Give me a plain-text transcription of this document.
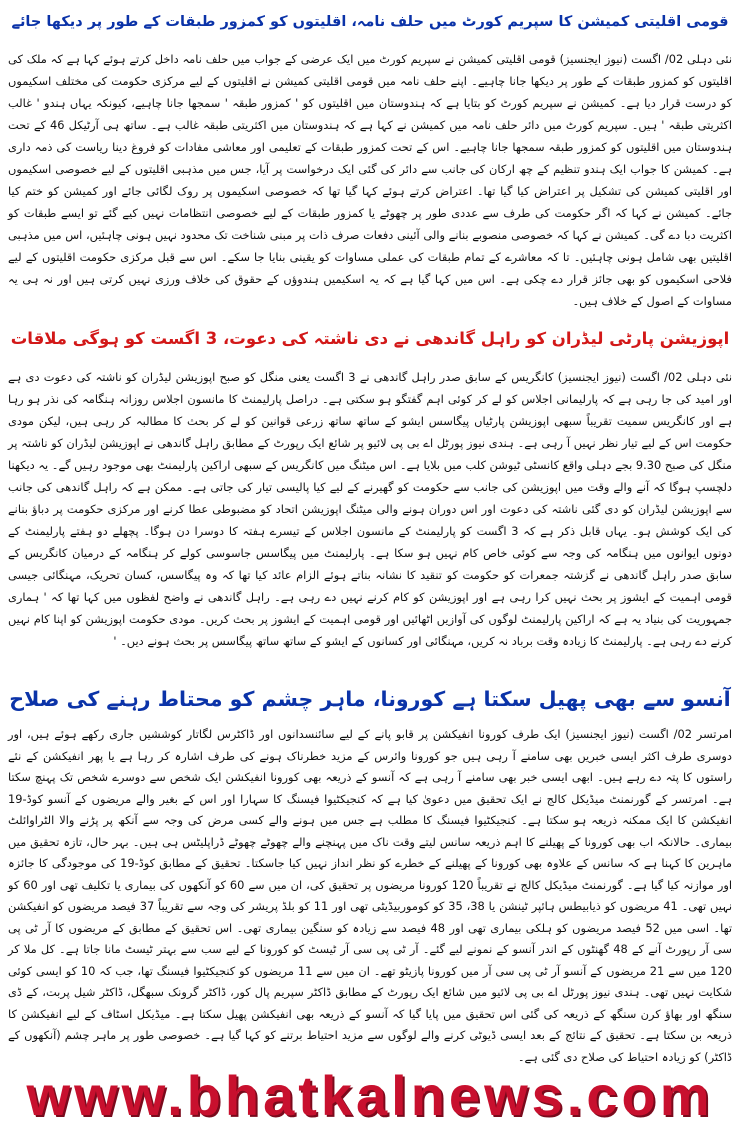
قومی اقلیتی کمیشن کا سپریم کورٹ میں حلف نامہ، اقلیتوں کو کمزور طبقات کے طور پر دیکھا جائے

نئی دہلی 02/ اگست (نیوز ایجنسیز) قومی اقلیتی کمیشن نے سپریم کورٹ میں ایک عرضی کے جواب میں حلف نامہ داخل کرتے ہوئے کہا ہے کہ ملک کی اقلیتوں کو کمزور طبقات کے طور پر دیکھا جانا چاہیے۔ اپنے حلف نامہ میں قومی اقلیتی کمیشن نے اقلیتوں کے لیے مرکزی حکومت کی مختلف اسکیموں کو درست قرار دیا ہے۔ کمیشن نے سپریم کورٹ کو بتایا ہے کہ ہندوستان میں اقلیتوں کو ' کمزور طبقہ ' سمجھا جانا چاہیے، کیونکہ یہاں ہندو ' غالب اکثریتی طبقہ ' ہیں۔ سپریم کورٹ میں دائر حلف نامہ میں کمیشن نے کہا ہے کہ ہندوستان میں اکثریتی طبقہ غالب ہے۔ ساتھ ہی آرٹیکل 46 کے تحت ہندوستان میں اقلیتوں کو کمزور طبقہ سمجھا جانا چاہیے۔ اس کے تحت کمزور طبقات کے تعلیمی اور معاشی مفادات کو فروغ دینا ریاست کی ذمہ داری ہے۔ کمیشن کا جواب ایک ہندو تنظیم کے چھ ارکان کی جانب سے دائر کی گئی ایک درخواست پر آیا، جس میں مذہبی اقلیتوں کے لیے خصوصی اسکیموں اور اقلیتی کمیشن کی تشکیل پر اعتراض کیا گیا تھا۔ اعتراض کرتے ہوئے کہا گیا تھا کہ خصوصی اسکیموں پر روک لگائی جائے اور کمیشن کو ختم کیا جائے۔ کمیشن نے کہا کہ اگر حکومت کی طرف سے عددی طور پر چھوٹے یا کمزور طبقات کے لیے خصوصی انتظامات نہیں کیے گئے تو ایسے طبقات کو اکثریت دبا دے گی۔ کمیشن نے کہا کہ خصوصی منصوبے بنانے والی آئینی دفعات صرف ذات پر مبنی شناخت تک محدود نہیں ہونی چاہئیں، اس میں مذہبی اقلیتیں بھی شامل ہونی چاہئیں۔ تا کہ معاشرے کے تمام طبقات کی عملی مساوات کو یقینی بنایا جا سکے۔ اس سے قبل مرکزی حکومت اقلیتوں کے لیے فلاحی اسکیموں کو بھی جائز قرار دے چکی ہے۔ اس میں کہا گیا ہے کہ یہ اسکیمیں ہندوؤں کے حقوق کی خلاف ورزی نہیں کرتی ہیں اور نہ ہی یہ مساوات کے اصول کے خلاف ہیں۔

اپوزیشن پارٹی لیڈران کو راہل گاندھی نے دی ناشتہ کی دعوت، 3 اگست کو ہوگی ملاقات

نئی دہلی 02/ اگست (نیوز ایجنسیز) کانگریس کے سابق صدر راہل گاندھی نے 3 اگست یعنی منگل کو صبح اپوزیشن لیڈران کو ناشتہ کی دعوت دی ہے اور امید کی جا رہی ہے کہ پارلیمانی اجلاس کو لے کر کوئی اہم گفتگو ہو سکتی ہے۔ دراصل پارلیمنٹ کا مانسون اجلاس روزانہ ہنگامہ کی نذر ہو رہا ہے اور کانگریس سمیت تقریباً سبھی اپوزیشن پارٹیاں پیگاسس ایشو کے ساتھ ساتھ زرعی قوانین کو لے کر بحث کا مطالبہ کر رہی ہیں، لیکن مودی حکومت اس کے لیے تیار نظر نہیں آ رہی ہے۔ ہندی نیوز پورٹل اے بی پی لائیو پر شائع ایک رپورٹ کے مطابق راہل گاندھی نے اپوزیشن لیڈران کو ناشتہ پر منگل کی صبح 9.30 بجے دہلی واقع کانسٹی ٹیوشن کلب میں بلایا ہے۔ اس میٹنگ میں کانگریس کے سبھی اراکین پارلیمنٹ بھی موجود رہیں گے۔ یہ دیکھنا دلچسپ ہوگا کہ آنے والے وقت میں اپوزیشن کی جانب سے حکومت کو گھیرنے کے لیے کیا پالیسی تیار کی جاتی ہے۔ ممکن ہے کہ راہل گاندھی کی جانب سے اپوزیشن لیڈران کو دی گئی ناشتہ کی دعوت اور اس دوران ہونے والی میٹنگ اپوزیشن اتحاد کو مضبوطی عطا کرنے اور مرکزی حکومت پر دباؤ بنانے کی ایک کوشش ہو۔ یہاں قابل ذکر ہے کہ 3 اگست کو پارلیمنٹ کے مانسون اجلاس کے تیسرے ہفتہ کا دوسرا دن ہوگا۔ پچھلے دو ہفتے پارلیمنٹ کے دونوں ایوانوں میں ہنگامہ کی وجہ سے کوئی خاص کام نہیں ہو سکا ہے۔ پارلیمنٹ میں پیگاسس جاسوسی کولے کر ہنگامہ کے درمیان کانگریس کے سابق صدر راہل گاندھی نے گزشتہ جمعرات کو حکومت کو تنقید کا نشانہ بناتے ہوئے الزام عائد کیا تھا کہ وہ پیگاسس، کسان تحریک، مہنگائی جیسی قومی اہمیت کے ایشوز پر بحث نہیں کرا رہی ہے اور اپوزیشن کو کام کرنے نہیں دے رہی ہے۔ راہل گاندھی نے واضح لفظوں میں کہا تھا کہ ' ہماری جمہوریت کی بنیاد یہ ہے کہ اراکین پارلیمنٹ لوگوں کی آوازیں اٹھائیں اور قومی اہمیت کے ایشوز پر بحث کریں۔ مودی حکومت اپوزیشن کو اپنا کام نہیں کرنے دے رہی ہے۔ پارلیمنٹ کا زیادہ وقت برباد نہ کریں، مہنگائی اور کسانوں کے ایشو کے ساتھ ساتھ پیگاسس پر بحث ہونے دیں۔ '

آنسو سے بھی پھیل سکتا ہے کورونا، ماہر چشم کو محتاط رہنے کی صلاح

امرتسر 02/ اگست (نیوز ایجنسیز) ایک طرف کورونا انفیکشن پر قابو پانے کے لیے سائنسدانوں اور ڈاکٹرس لگاتار کوششیں جاری رکھے ہوئے ہیں، اور دوسری طرف اکثر ایسی خبریں بھی سامنے آ رہی ہیں جو کورونا وائرس کے مزید خطرناک ہونے کی طرف اشارہ کر رہا ہے یا پھر انفیکشن کے نئے راستوں کا پتہ دے رہے ہیں۔ ابھی ایسی خبر بھی سامنے آ رہی ہے کہ آنسو کے ذریعہ بھی کورونا انفیکشن ایک شخص سے دوسرے شخص تک پہنچ سکتا ہے۔ امرتسر کے گورنمنٹ میڈیکل کالج نے ایک تحقیق میں دعویٰ کیا ہے کہ کنجیکٹیوا فیسنگ کا سہارا اور اس کے بغیر والے مریضوں کے آنسو کوڈ-19 انفیکشن کا ایک ممکنہ ذریعہ ہو سکتا ہے۔ کنجیکٹیوا فیسنگ کا مطلب ہے جس میں ہونے والے کسی مرض کی وجہ سے آنکھ پر پڑنے والا الٹراوائلٹ بیماری۔ حالانکہ اب بھی کورونا کے پھیلنے کا اہم ذریعہ سانس لیتے وقت ناک میں پہنچنے والے چھوٹے چھوٹے ڈراپلیٹس ہی ہیں۔ بہر حال، تازہ تحقیق میں ماہرین کا کہنا ہے کہ سانس کے علاوہ بھی کورونا کے پھیلنے کے خطرے کو نظر انداز نہیں کیا جاسکتا۔ تحقیق کے مطابق کوڈ-19 کی موجودگی کا جائزہ اور موازنہ کیا گیا ہے۔ گورنمنٹ میڈیکل کالج نے تقریباً 120 کورونا مریضوں پر تحقیق کی، ان میں سے 60 کو آنکھوں کی بیماری یا تکلیف تھی اور 60 کو نہیں تھی۔ 41 مریضوں کو ذیابیطس ہائپر ٹینشن یا 38، 35 کو کوموربیڈیٹی تھی اور 11 کو بلڈ پریشر کی وجہ سے تقریباً 37 فیصد مریضوں کو انفیکشن تھا۔ اسی میں 52 فیصد مریضوں کو ہلکی بیماری تھی اور 48 فیصد سے زیادہ کو سنگین بیماری تھی۔ اس تحقیق کے مطابق کے مریضوں کا آر ٹی پی سی آر رپورٹ آنے کے 48 گھنٹوں کے اندر آنسو کے نمونے لیے گئے۔ آر ٹی پی سی آر ٹیسٹ کو کورونا کے لیے سب سے بہتر ٹیسٹ مانا جاتا ہے۔ کل ملا کر 120 میں سے 21 مریضوں کے آنسو آر ٹی پی سی آر میں کورونا پازیٹو تھے۔ ان میں سے 11 مریضوں کو کنجیکٹیوا فیسنگ تھا، جب کہ 10 کو ایسی کوئی شکایت نہیں تھی۔ ہندی نیوز پورٹل اے بی پی لائیو میں شائع ایک رپورٹ کے مطابق ڈاکٹر سپریم پال کور، ڈاکٹر گرونک سبھگل، ڈاکٹر شیل پربت، کے ڈی سنگھ اور بھاؤ کرن سنگھ کے ذریعہ کی گئی اس تحقیق میں پایا گیا کہ آنسو کے ذریعہ بھی انفیکشن پھیل سکتا ہے۔ میڈیکل اسٹاف کے لیے انفیکشن کا ذریعہ بن سکتا ہے۔ تحقیق کے نتائج کے بعد ایسی ڈیوٹی کرنے والے لوگوں سے مزید احتیاط برتنے کو کہا گیا ہے۔ خصوصی طور پر ماہر چشم (آنکھوں کے ڈاکٹر) کو زیادہ احتیاط کی صلاح دی گئی ہے۔

www.bhatkalnews.com
